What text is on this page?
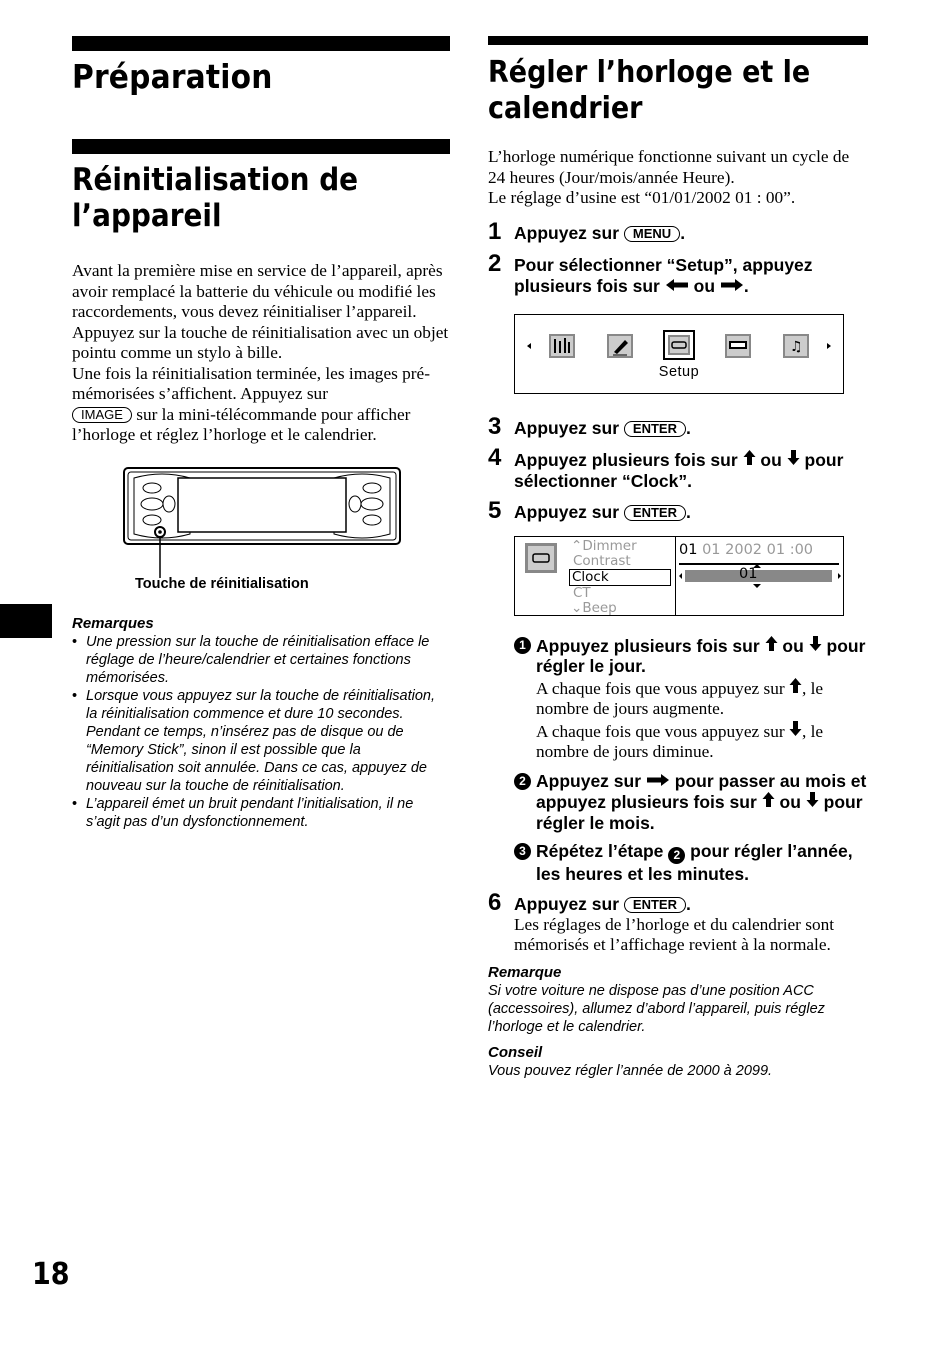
Préparation
Réinitialisation de l’appareil

Avant la première mise en service de l’appareil, après avoir remplacé la batterie du véhicule ou modifié les raccordements, vous devez réinitialiser l’appareil.

Appuyez sur la touche de réinitialisation avec un objet pointu comme un stylo à bille.

Une fois la réinitialisation terminée, les images pré-mémorisées s’affichent. Appuyez sur
IMAGE sur la mini-télécommande pour afficher l’horloge et réglez l’horloge et le calendrier.

Touche de réinitialisation
Remarques
• Une pression sur la touche de réinitialisation efface le réglage de l’heure/calendrier et certaines fonctions mémorisées.
• Lorsque vous appuyez sur la touche de réinitialisation, la réinitialisation commence et dure 10 secondes. Pendant ce temps, n’insérez pas de disque ou de “Memory Stick”, sinon il est possible que la réinitialisation soit annulée. Dans ce cas, appuyez de nouveau sur la touche de réinitialisation.
• L’appareil émet un bruit pendant l’initialisation, il ne s’agit pas d’un dysfonctionnement.
Régler l’horloge et le calendrier

L’horloge numérique fonctionne suivant un cycle de 24 heures (Jour/mois/année Heure).

Le réglage d’usine est “01/01/2002 01 : 00”.

1 Appuyez sur MENU .
2 Pour sélectionner “Setup”, appuyez plusieurs fois sur ou .
♫
Setup
3 Appuyez sur ENTER .
4 Appuyez plusieurs fois sur ou pour sélectionner “Clock”.
5 Appuyez sur ENTER .
⌃Dimmer
Contrast
Clock
CT
⌄Beep
01 01 2002 01 :00
01
1 Appuyez plusieurs fois sur ou pour régler le jour.

A chaque fois que vous appuyez sur , le nombre de jours augmente.

A chaque fois que vous appuyez sur , le nombre de jours diminue.

2 Appuyez sur pour passer au mois et appuyez plusieurs fois sur ou pour régler le mois.
3 Répétez l’étape 2 pour régler l’année, les heures et les minutes.
6 Appuyez sur ENTER .
Les réglages de l’horloge et du calendrier sont mémorisés et l’affichage revient à la normale.
Remarque
Si votre voiture ne dispose pas d’une position ACC (accessoires), allumez d’abord l’appareil, puis réglez l’horloge et le calendrier.
Conseil
Vous pouvez régler l’année de 2000 à 2099.
18
